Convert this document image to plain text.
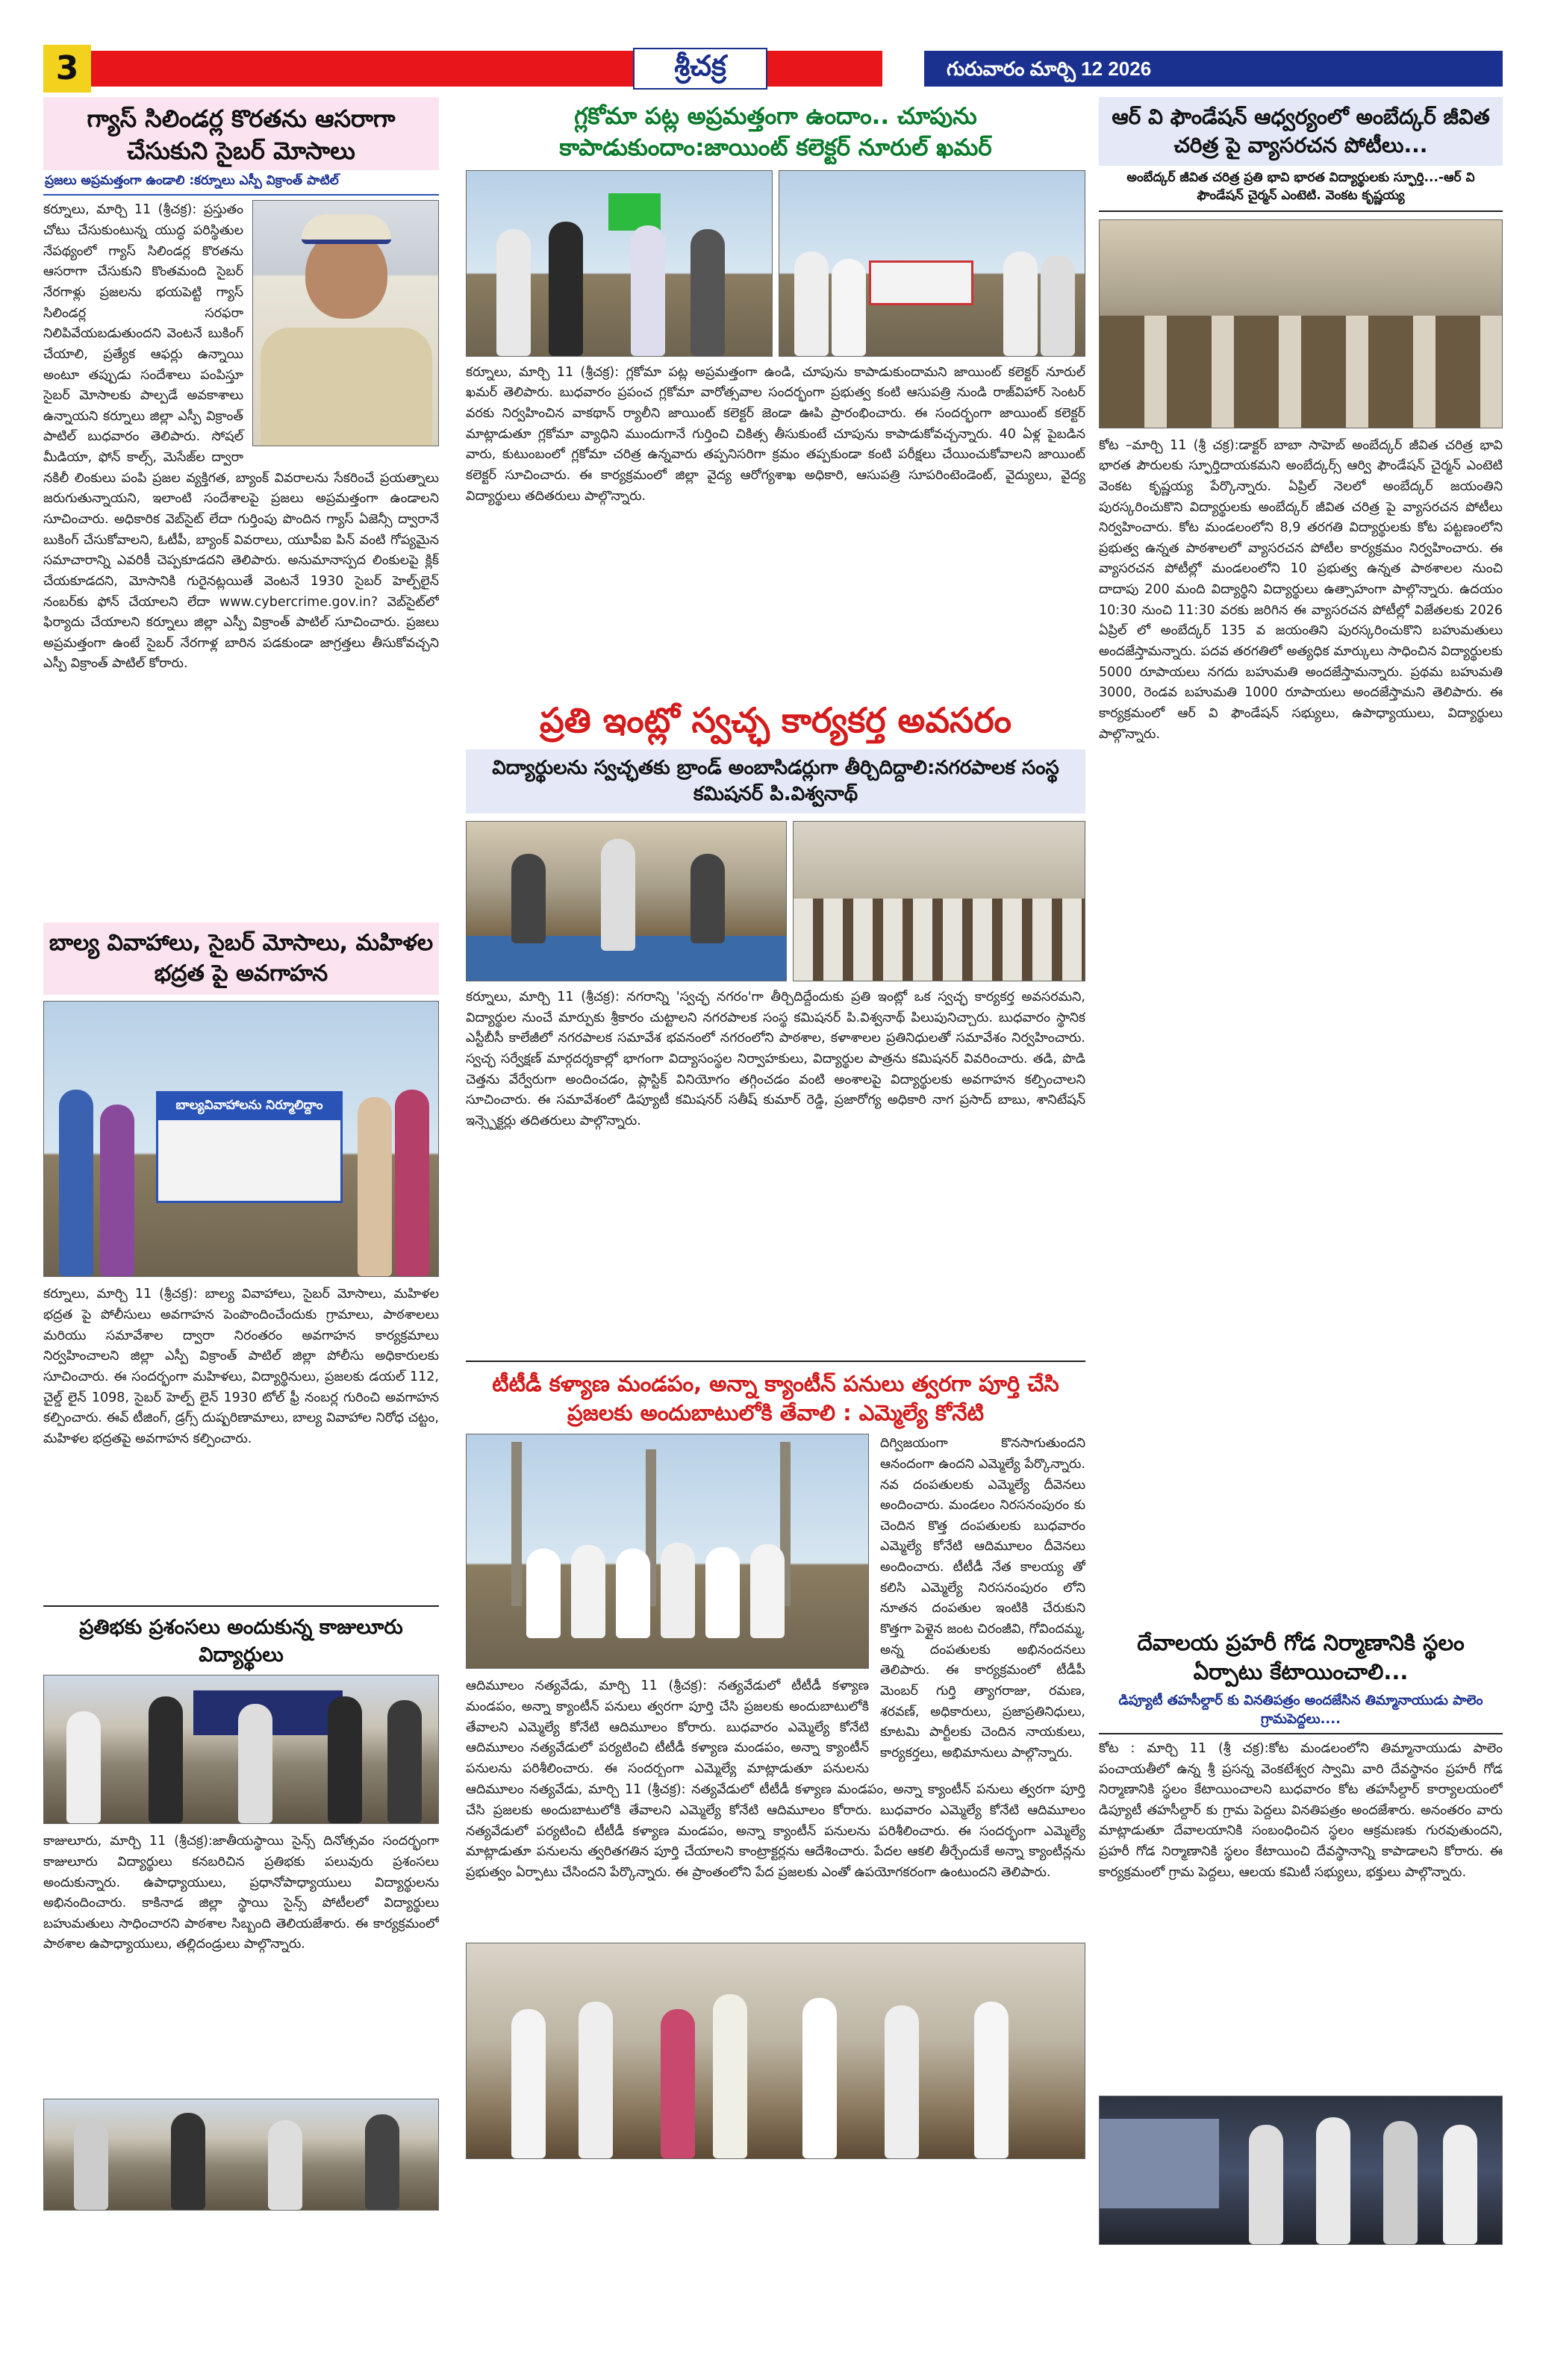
3	శ్రీచక్ర	గురువారం మార్చి 12 2026
గ్యాస్ సిలిండర్ల కొరతను ఆసరాగా చేసుకుని సైబర్ మోసాలు
ప్రజలు అప్రమత్తంగా ఉండాలి :కర్నూలు ఎస్పీ విక్రాంత్ పాటిల్
కర్నూలు, మార్చి 11 (శ్రీచక్ర): ప్రస్తుతం చోటు చేసుకుంటున్న యుద్ధ పరిస్థితుల నేపథ్యంలో గ్యాస్ సిలిండర్ల కొరతను ఆసరాగా చేసుకుని కొంతమంది సైబర్ నేరగాళ్లు ప్రజలను భయపెట్టి గ్యాస్ సిలిండర్ల సరఫరా నిలిపివేయబడుతుందని వెంటనే బుకింగ్ చేయాలి, ప్రత్యేక ఆఫర్లు ఉన్నాయి అంటూ తప్పుడు సందేశాలు పంపిస్తూ సైబర్ మోసాలకు పాల్పడే అవకాశాలు ఉన్నాయని కర్నూలు జిల్లా ఎస్పీ విక్రాంత్ పాటిల్ బుధవారం తెలిపారు. సోషల్ మీడియా, ఫోన్ కాల్స్, మెసేజ్‌ల ద్వారా నకిలీ లింకులు పంపి ప్రజల వ్యక్తిగత, బ్యాంక్ వివరాలను సేకరించే ప్రయత్నాలు జరుగుతున్నాయని, ఇలాంటి సందేశాలపై ప్రజలు అప్రమత్తంగా ఉండాలని సూచించారు. అధికారిక వెబ్‌సైట్ లేదా గుర్తింపు పొందిన గ్యాస్ ఏజెన్సీ ద్వారానే బుకింగ్ చేసుకోవాలని, ఓటీపీ, బ్యాంక్ వివరాలు, యూపీఐ పిన్ వంటి గోప్యమైన సమాచారాన్ని ఎవరికీ చెప్పకూడదని తెలిపారు. అనుమానాస్పద లింకులపై క్లిక్ చేయకూడదని, మోసానికి గురైనట్లయితే వెంటనే 1930 సైబర్ హెల్ప్‌లైన్ నంబర్‌కు ఫోన్ చేయాలని లేదా www.cybercrime.gov.in? వెబ్‌సైట్‌లో ఫిర్యాదు చేయాలని కర్నూలు జిల్లా ఎస్పీ విక్రాంత్ పాటిల్ సూచించారు. ప్రజలు అప్రమత్తంగా ఉంటే సైబర్ నేరగాళ్ల బారిన పడకుండా జాగ్రత్తలు తీసుకోవచ్చని ఎస్పీ విక్రాంత్ పాటిల్ కోరారు.
బాల్య వివాహాలు, సైబర్ మోసాలు, మహిళల భద్రత పై అవగాహన
బాల్యవివాహాలను నిర్మూలిద్దాం
కర్నూలు, మార్చి 11 (శ్రీచక్ర): బాల్య వివాహాలు, సైబర్ మోసాలు, మహిళల భద్రత పై పోలీసులు అవగాహన పెంపొందించేందుకు గ్రామాలు, పాఠశాలలు మరియు సమావేశాల ద్వారా నిరంతరం అవగాహన కార్యక్రమాలు నిర్వహించాలని జిల్లా ఎస్పీ విక్రాంత్ పాటిల్ జిల్లా పోలీసు అధికారులకు సూచించారు. ఈ సందర్భంగా మహిళలు, విద్యార్థినులు, ప్రజలకు డయల్ 112, చైల్డ్ లైన్ 1098, సైబర్ హెల్ప్ లైన్ 1930 టోల్ ఫ్రీ నంబర్ల గురించి అవగాహన కల్పించారు. ఈవ్ టీజింగ్, డ్రగ్స్ దుష్పరిణామాలు, బాల్య వివాహాల నిరోధ చట్టం, మహిళల భద్రతపై అవగాహన కల్పించారు.
ప్రతిభకు ప్రశంసలు అందుకున్న కాజులూరు విద్యార్థులు
కాజులూరు, మార్చి 11 (శ్రీచక్ర):జాతీయస్థాయి సైన్స్ దినోత్సవం సందర్భంగా కాజులూరు విద్యార్థులు కనబరిచిన ప్రతిభకు పలువురు ప్రశంసలు అందుకున్నారు. ఉపాధ్యాయులు, ప్రధానోపాధ్యాయులు విద్యార్థులను అభినందించారు. కాకినాడ జిల్లా స్థాయి సైన్స్ పోటీలలో విద్యార్థులు బహుమతులు సాధించారని పాఠశాల సిబ్బంది తెలియజేశారు. ఈ కార్యక్రమంలో పాఠశాల ఉపాధ్యాయులు, తల్లిదండ్రులు పాల్గొన్నారు.
గ్లకోమా పట్ల అప్రమత్తంగా ఉందాం.. చూపును కాపాడుకుందాం:జాయింట్ కలెక్టర్ నూరుల్ ఖమర్
కర్నూలు, మార్చి 11 (శ్రీచక్ర): గ్లకోమా పట్ల అప్రమత్తంగా ఉండి, చూపును కాపాడుకుందామని జాయింట్ కలెక్టర్ నూరుల్ ఖమర్ తెలిపారు. బుధవారం ప్రపంచ గ్లకోమా వారోత్సవాల సందర్భంగా ప్రభుత్వ కంటి ఆసుపత్రి నుండి రాజ్‌విహార్ సెంటర్ వరకు నిర్వహించిన వాకథాన్ ర్యాలీని జాయింట్ కలెక్టర్ జెండా ఊపి ప్రారంభించారు. ఈ సందర్భంగా జాయింట్ కలెక్టర్ మాట్లాడుతూ గ్లకోమా వ్యాధిని ముందుగానే గుర్తించి చికిత్స తీసుకుంటే చూపును కాపాడుకోవచ్చన్నారు. 40 ఏళ్ల పైబడిన వారు, కుటుంబంలో గ్లకోమా చరిత్ర ఉన్నవారు తప్పనిసరిగా క్రమం తప్పకుండా కంటి పరీక్షలు చేయించుకోవాలని జాయింట్ కలెక్టర్ సూచించారు. ఈ కార్యక్రమంలో జిల్లా వైద్య ఆరోగ్యశాఖ అధికారి, ఆసుపత్రి సూపరింటెండెంట్, వైద్యులు, వైద్య విద్యార్థులు తదితరులు పాల్గొన్నారు.
ప్రతి ఇంట్లో స్వచ్ఛ కార్యకర్త అవసరం
విద్యార్థులను స్వచ్ఛతకు బ్రాండ్ అంబాసిడర్లుగా తీర్చిదిద్దాలి:నగరపాలక సంస్థ కమిషనర్ పి.విశ్వనాథ్
కర్నూలు, మార్చి 11 (శ్రీచక్ర): నగరాన్ని 'స్వచ్ఛ నగరం'గా తీర్చిదిద్దేందుకు ప్రతి ఇంట్లో ఒక స్వచ్ఛ కార్యకర్త అవసరమని, విద్యార్థుల నుంచే మార్పుకు శ్రీకారం చుట్టాలని నగరపాలక సంస్థ కమిషనర్ పి.విశ్వనాథ్ పిలుపునిచ్చారు. బుధవారం స్థానిక ఎస్టీబీసీ కాలేజీలో నగరపాలక సమావేశ భవనంలో నగరంలోని పాఠశాల, కళాశాలల ప్రతినిధులతో సమావేశం నిర్వహించారు. స్వచ్ఛ సర్వేక్షణ్ మార్గదర్శకాల్లో భాగంగా విద్యాసంస్థల నిర్వాహకులు, విద్యార్థుల పాత్రను కమిషనర్ వివరించారు. తడి, పొడి చెత్తను వేర్వేరుగా అందించడం, ప్లాస్టిక్ వినియోగం తగ్గించడం వంటి అంశాలపై విద్యార్థులకు అవగాహన కల్పించాలని సూచించారు. ఈ సమావేశంలో డిప్యూటీ కమిషనర్ సతీష్ కుమార్ రెడ్డి, ప్రజారోగ్య అధికారి నాగ ప్రసాద్ బాబు, శానిటేషన్ ఇన్స్పెక్టర్లు తదితరులు పాల్గొన్నారు.
టీటీడీ కళ్యాణ మండపం, అన్నా క్యాంటీన్ పనులు త్వరగా పూర్తి చేసి ప్రజలకు అందుబాటులోకి తేవాలి : ఎమ్మెల్యే కోనేటి
దిగ్విజయంగా కొనసాగుతుందని ఆనందంగా ఉందని ఎమ్మెల్యే పేర్కొన్నారు. నవ దంపతులకు ఎమ్మెల్యే దీవెనలు అందించారు. మండలం నిరసనంపురం కు చెందిన కొత్త దంపతులకు బుధవారం ఎమ్మెల్యే కోనేటి ఆదిమూలం దీవెనలు అందించారు. టీటీడీ నేత కాలయ్య తో కలిసి ఎమ్మెల్యే నిరసనంపురం లోని నూతన దంపతుల ఇంటికి చేరుకుని కొత్తగా పెళ్లైన జంట చిరంజీవి, గోవిందమ్మ, అన్న దంపతులకు అభినందనలు తెలిపారు. ఈ కార్యక్రమంలో టీడీపీ మెంబర్ గుర్తి త్యాగరాజు, రమణ, శరవణ్, అధికారులు, ప్రజాప్రతినిధులు, కూటమి పార్టీలకు చెందిన నాయకులు, కార్యకర్తలు, అభిమానులు పాల్గొన్నారు.
ఆదిమూలం నత్యవేడు, మార్చి 11 (శ్రీచక్ర): నత్యవేడులో టీటీడీ కళ్యాణ మండపం, అన్నా క్యాంటీన్ పనులు త్వరగా పూర్తి చేసి ప్రజలకు అందుబాటులోకి తేవాలని ఎమ్మెల్యే కోనేటి ఆదిమూలం కోరారు. బుధవారం ఎమ్మెల్యే కోనేటి ఆదిమూలం నత్యవేడులో పర్యటించి టీటీడీ కళ్యాణ మండపం, అన్నా క్యాంటీన్ పనులను పరిశీలించారు. ఈ సందర్భంగా ఎమ్మెల్యే మాట్లాడుతూ పనులను
ఆదిమూలం నత్యవేడు, మార్చి 11 (శ్రీచక్ర): నత్యవేడులో టీటీడీ కళ్యాణ మండపం, అన్నా క్యాంటీన్ పనులు త్వరగా పూర్తి చేసి ప్రజలకు అందుబాటులోకి తేవాలని ఎమ్మెల్యే కోనేటి ఆదిమూలం కోరారు. బుధవారం ఎమ్మెల్యే కోనేటి ఆదిమూలం నత్యవేడులో పర్యటించి టీటీడీ కళ్యాణ మండపం, అన్నా క్యాంటీన్ పనులను పరిశీలించారు. ఈ సందర్భంగా ఎమ్మెల్యే మాట్లాడుతూ పనులను త్వరితగతిన పూర్తి చేయాలని కాంట్రాక్టర్లను ఆదేశించారు. పేదల ఆకలి తీర్చేందుకే అన్నా క్యాంటీన్లను ప్రభుత్వం ఏర్పాటు చేసిందని పేర్కొన్నారు. ఈ ప్రాంతంలోని పేద ప్రజలకు ఎంతో ఉపయోగకరంగా ఉంటుందని తెలిపారు.
ఆర్ వి ఫౌండేషన్ ఆధ్వర్యంలో అంబేద్కర్ జీవిత చరిత్ర పై వ్యాసరచన పోటీలు...
అంబేద్కర్ జీవిత చరిత్ర ప్రతి భావి భారత విద్యార్థులకు స్ఫూర్తి...-ఆర్ వి ఫౌండేషన్ చైర్మన్ ఎంటెటి. వెంకట కృష్ణయ్య
కోట –మార్చి 11 (శ్రీ చక్ర):డాక్టర్ బాబా సాహెబ్ అంబేద్కర్ జీవిత చరిత్ర భావి భారత పౌరులకు స్ఫూర్తిదాయకమని అంబేద్కర్స్ ఆర్వి ఫౌండేషన్ చైర్మన్ ఎంటెటి వెంకట కృష్ణయ్య పేర్కొన్నారు. ఏప్రిల్ నెలలో అంబేద్కర్ జయంతిని పురస్కరించుకొని విద్యార్థులకు అంబేద్కర్ జీవిత చరిత్ర పై వ్యాసరచన పోటీలు నిర్వహించారు. కోట మండలంలోని 8,9 తరగతి విద్యార్థులకు కోట పట్టణంలోని ప్రభుత్వ ఉన్నత పాఠశాలలో వ్యాసరచన పోటీల కార్యక్రమం నిర్వహించారు. ఈ వ్యాసరచన పోటీల్లో మండలంలోని 10 ప్రభుత్వ ఉన్నత పాఠశాలల నుంచి దాదాపు 200 మంది విద్యార్థిని విద్యార్థులు ఉత్సాహంగా పాల్గొన్నారు. ఉదయం 10:30 నుంచి 11:30 వరకు జరిగిన ఈ వ్యాసరచన పోటీల్లో విజేతలకు 2026 ఏప్రిల్ లో అంబేద్కర్ 135 వ జయంతిని పురస్కరించుకొని బహుమతులు అందజేస్తామన్నారు. పదవ తరగతిలో అత్యధిక మార్కులు సాధించిన విద్యార్థులకు 5000 రూపాయలు నగదు బహుమతి అందజేస్తామన్నారు. ప్రథమ బహుమతి 3000, రెండవ బహుమతి 1000 రూపాయలు అందజేస్తామని తెలిపారు. ఈ కార్యక్రమంలో ఆర్ వి ఫౌండేషన్ సభ్యులు, ఉపాధ్యాయులు, విద్యార్థులు పాల్గొన్నారు.
దేవాలయ ప్రహరీ గోడ నిర్మాణానికి స్థలం ఏర్పాటు కేటాయించాలి...
డిప్యూటీ తహసీల్దార్ కు వినతిపత్రం అందజేసిన తిమ్మానాయుడు పాలెం గ్రామపెద్దలు....
కోట : మార్చి 11 (శ్రీ చక్ర):కోట మండలంలోని తిమ్మానాయుడు పాలెం పంచాయతీలో ఉన్న శ్రీ ప్రసన్న వెంకటేశ్వర స్వామి వారి దేవస్థానం ప్రహరీ గోడ నిర్మాణానికి స్థలం కేటాయించాలని బుధవారం కోట తహసీల్దార్ కార్యాలయంలో డిప్యూటీ తహసీల్దార్ కు గ్రామ పెద్దలు వినతిపత్రం అందజేశారు. అనంతరం వారు మాట్లాడుతూ దేవాలయానికి సంబంధించిన స్థలం ఆక్రమణకు గురవుతుందని, ప్రహరీ గోడ నిర్మాణానికి స్థలం కేటాయించి దేవస్థానాన్ని కాపాడాలని కోరారు. ఈ కార్యక్రమంలో గ్రామ పెద్దలు, ఆలయ కమిటీ సభ్యులు, భక్తులు పాల్గొన్నారు.
